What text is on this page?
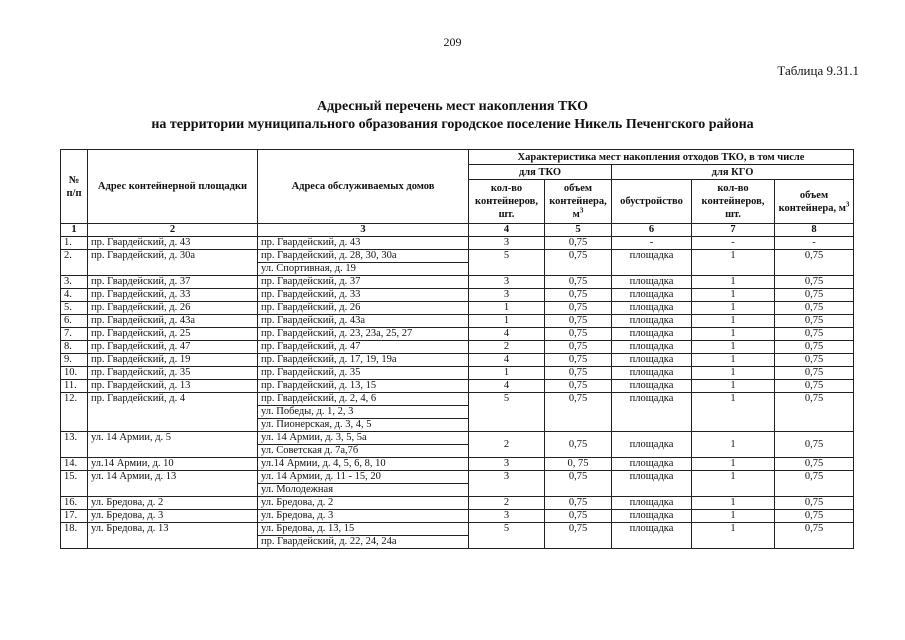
209
Таблица 9.31.1
Адресный перечень мест накопления ТКО
на территории муниципального образования городское поселение Никель Печенгского района
№ п/п	Адрес контейнерной площадки	Адреса обслуживаемых домов	Характеристика мест накопления отходов ТКО, в том числе				
			для ТКО		для КГО		
			кол-во контейнеров, шт.	объем контейнера, $м^3$	обустройство	кол-во контейнеров, шт.	объем контейнера, $м^3$
1	2	3	4	5	6	7	8
1.	пр. Гвардейский, д. 43	пр. Гвардейский, д. 43	3	0,75	-	-	-
2.	пр. Гвардейский, д. 30а	пр. Гвардейский, д. 28, 30, 30а	5	0,75	площадка	1	0,75
		ул. Спортивная, д. 19					
3.	пр. Гвардейский, д. 37	пр. Гвардейский, д. 37	3	0,75	площадка	1	0,75
4.	пр. Гвардейский, д. 33	пр. Гвардейский, д. 33	3	0,75	площадка	1	0,75
5.	пр. Гвардейский, д. 26	пр. Гвардейский, д. 26	1	0,75	площадка	1	0,75
6.	пр. Гвардейский, д. 43а	пр. Гвардейский, д. 43а	1	0,75	площадка	1	0,75
7.	пр. Гвардейский, д. 25	пр. Гвардейский, д. 23, 23а, 25, 27	4	0,75	площадка	1	0,75
8.	пр. Гвардейский, д. 47	пр. Гвардейский, д. 47	2	0,75	площадка	1	0,75
9.	пр. Гвардейский, д. 19	пр. Гвардейский, д. 17, 19, 19а	4	0,75	площадка	1	0,75
10.	пр. Гвардейский, д. 35	пр. Гвардейский, д. 35	1	0,75	площадка	1	0,75
11.	пр. Гвардейский, д. 13	пр. Гвардейский, д. 13, 15	4	0,75	площадка	1	0,75
12.	пр. Гвардейский, д. 4	пр. Гвардейский, д. 2, 4, 6	5	0,75	площадка	1	0,75
		ул. Победы, д. 1, 2, 3					
		ул. Пионерская, д. 3, 4, 5					
13.	ул. 14 Армии, д. 5	ул. 14 Армии, д. 3, 5, 5а	2	0,75	площадка	1	0,75
		ул. Советская д. 7а,7б					
14.	ул.14 Армии, д. 10	ул.14 Армии, д. 4, 5, 6, 8, 10	3	0, 75	площадка	1	0,75
15.	ул. 14 Армии, д. 13	ул. 14 Армии, д. 11 - 15, 20	3	0,75	площадка	1	0,75
		ул. Молодежная					
16.	ул. Бредова, д. 2	ул. Бредова, д. 2	2	0,75	площадка	1	0,75
17.	ул. Бредова, д. 3	ул. Бредова, д. 3	3	0,75	площадка	1	0,75
18.	ул. Бредова, д. 13	ул. Бредова, д. 13, 15	5	0,75	площадка	1	0,75
		пр. Гвардейский, д. 22, 24, 24а					
